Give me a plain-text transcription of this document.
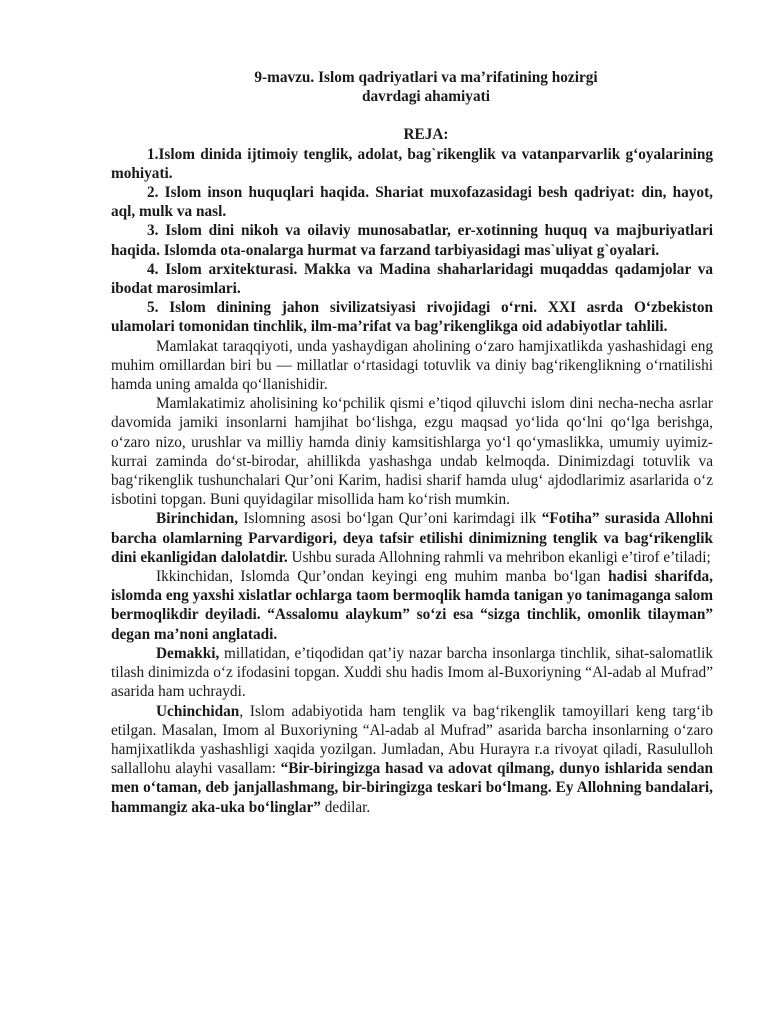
9-mavzu. Islom qadriyatlari va ma’rifatining hozirgi
davrdagi ahamiyati

REJA:

1.Islom dinida ijtimoiy tenglik, adolat, bag`rikenglik va vatanparvarlik g‘oyalarining mohiyati.

2. Islom inson huquqlari haqida. Shariat muxofazasidagi besh qadriyat: din, hayot, aql, mulk va nasl.

3. Islom dini nikoh va oilaviy munosabatlar, er-xotinning huquq va majburiyatlari haqida. Islomda ota-onalarga hurmat va farzand tarbiyasidagi mas`uliyat g`oyalari.

4. Islom arxitekturasi. Makka va Madina shaharlaridagi muqaddas qadamjolar va ibodat marosimlari.

5. Islom dinining jahon sivilizatsiyasi rivojidagi o‘rni. XXI asrda O‘zbekiston ulamolari tomonidan tinchlik, ilm-ma’rifat va bag’rikenglikga oid adabiyotlar tahlili.

Mamlakat taraqqiyoti, unda yashaydigan aholining o‘zaro hamjixatlikda yashashidagi eng muhim omillardan biri bu — millatlar o‘rtasidagi totuvlik va diniy bag‘rikenglikning o‘rnatilishi hamda uning amalda qo‘llanishidir.

Mamlakatimiz aholisining ko‘pchilik qismi e’tiqod qiluvchi islom dini necha-necha asrlar davomida jamiki insonlarni hamjihat bo‘lishga, ezgu maqsad yo‘lida qo‘lni qo‘lga berishga, o‘zaro nizo, urushlar va milliy hamda diniy kamsitishlarga yo‘l qo‘ymaslikka, umumiy uyimiz-kurrai zaminda do‘st-birodar, ahillikda yashashga undab kelmoqda. Dinimizdagi totuvlik va bag‘rikenglik tushunchalari Qur’oni Karim, hadisi sharif hamda ulug‘ ajdodlarimiz asarlarida o‘z isbotini topgan. Buni quyidagilar misollida ham ko‘rish mumkin.

Birinchidan, Islomning asosi bo‘lgan Qur’oni karimdagi ilk “Fotiha” surasida Allohni barcha olamlarning Parvardigori, deya tafsir etilishi dinimizning tenglik va bag‘rikenglik dini ekanligidan dalolatdir. Ushbu surada Allohning rahmli va mehribon ekanligi e’tirof e’tiladi;

Ikkinchidan, Islomda Qur’ondan keyingi eng muhim manba bo‘lgan hadisi sharifda, islomda eng yaxshi xislatlar ochlarga taom bermoqlik hamda tanigan yo tanimaganga salom bermoqlikdir deyiladi. “Assalomu alaykum” so‘zi esa “sizga tinchlik, omonlik tilayman” degan ma’noni anglatadi.

Demakki, millatidan, e’tiqodidan qat’iy nazar barcha insonlarga tinchlik, sihat-salomatlik tilash dinimizda o‘z ifodasini topgan. Xuddi shu hadis Imom al-Buxoriyning “Al-adab al Mufrad” asarida ham uchraydi.

Uchinchidan, Islom adabiyotida ham tenglik va bag‘rikenglik tamoyillari keng targ‘ib etilgan. Masalan, Imom al Buxoriyning “Al-adab al Mufrad” asarida barcha insonlarning o‘zaro hamjixatlikda yashashligi xaqida yozilgan. Jumladan, Abu Hurayra r.a rivoyat qiladi, Rasululloh sallallohu alayhi vasallam: “Bir-biringizga hasad va adovat qilmang, dunyo ishlarida sendan men o‘taman, deb janjallashmang, bir-biringizga teskari bo‘lmang. Ey Allohning bandalari, hammangiz aka-uka bo‘linglar” dedilar.
